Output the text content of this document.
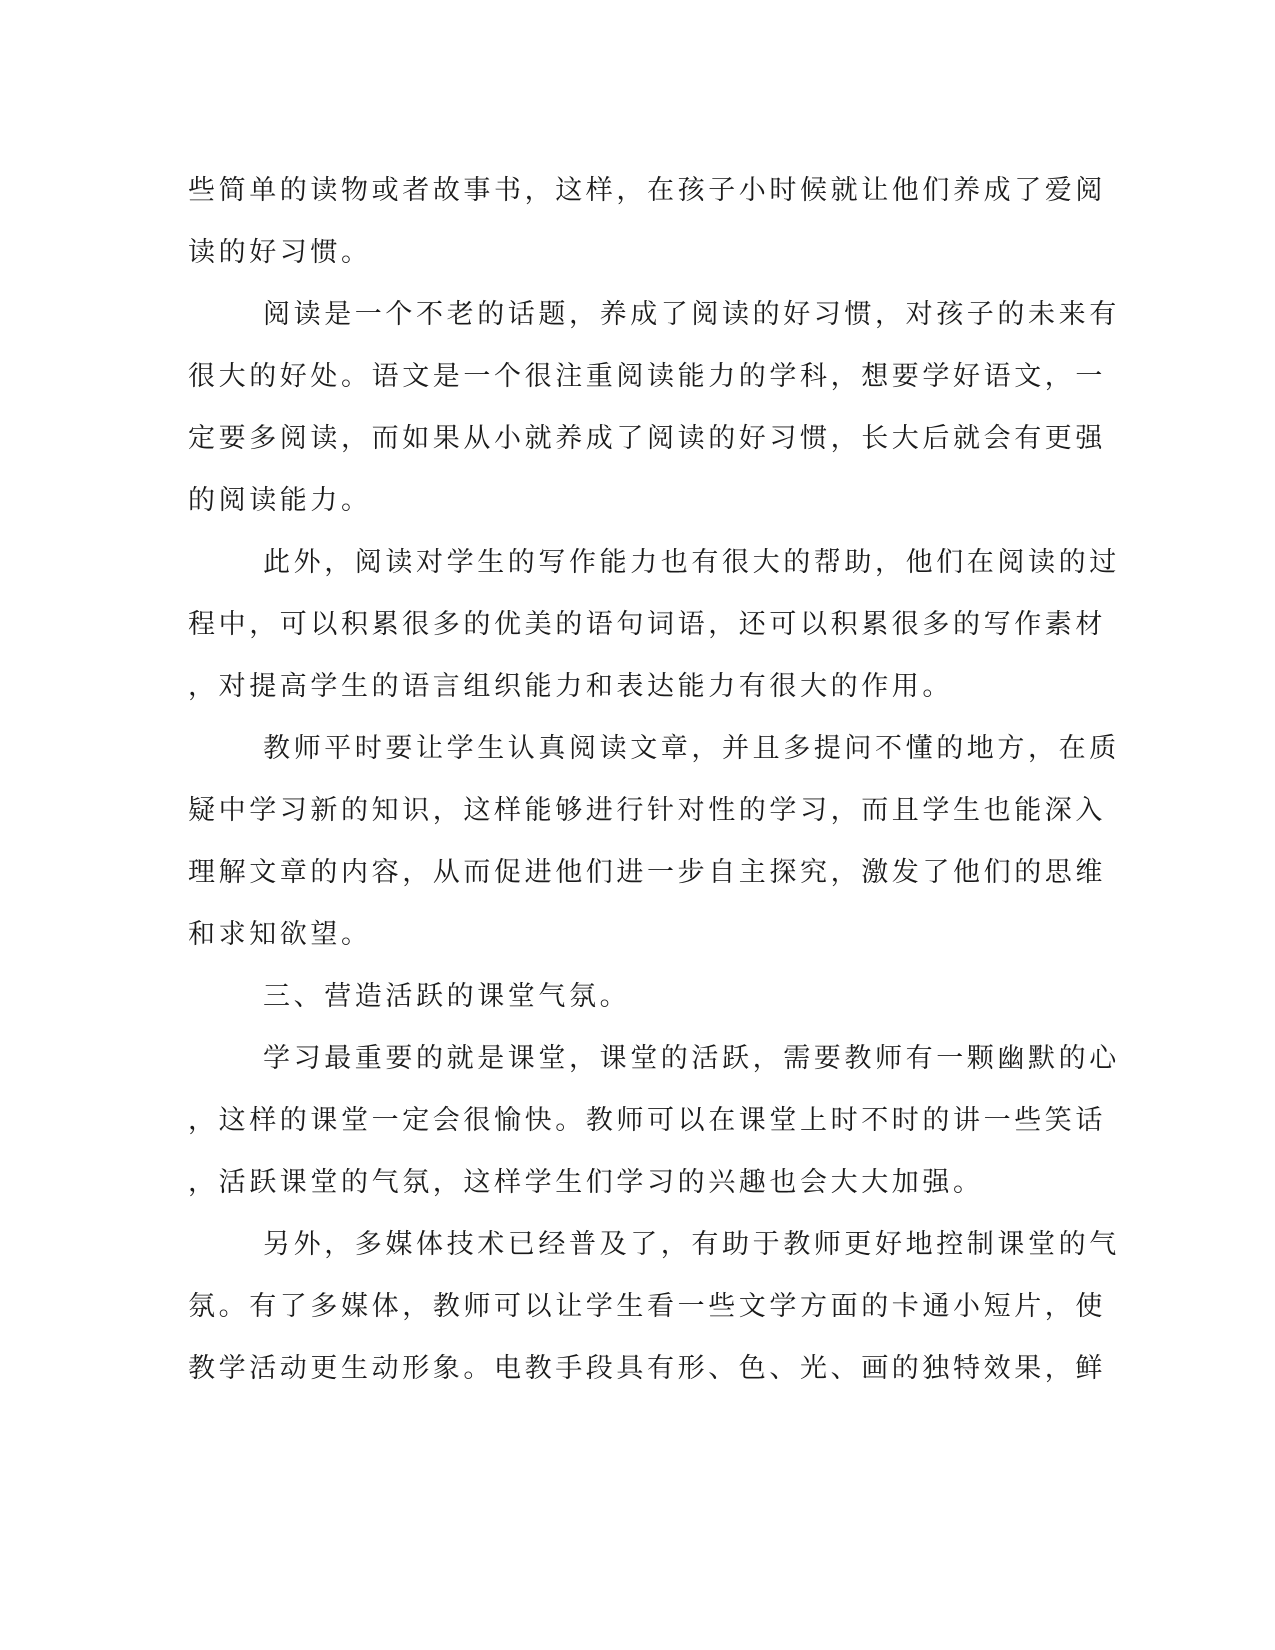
些简单的读物或者故事书，这样，在孩子小时候就让他们养成了爱阅
读的好习惯。
阅读是一个不老的话题，养成了阅读的好习惯，对孩子的未来有
很大的好处。语文是一个很注重阅读能力的学科，想要学好语文，一
定要多阅读，而如果从小就养成了阅读的好习惯，长大后就会有更强
的阅读能力。
此外，阅读对学生的写作能力也有很大的帮助，他们在阅读的过
程中，可以积累很多的优美的语句词语，还可以积累很多的写作素材
，对提高学生的语言组织能力和表达能力有很大的作用。
教师平时要让学生认真阅读文章，并且多提问不懂的地方，在质
疑中学习新的知识，这样能够进行针对性的学习，而且学生也能深入
理解文章的内容，从而促进他们进一步自主探究，激发了他们的思维
和求知欲望。
三、营造活跃的课堂气氛。
学习最重要的就是课堂，课堂的活跃，需要教师有一颗幽默的心
，这样的课堂一定会很愉快。教师可以在课堂上时不时的讲一些笑话
，活跃课堂的气氛，这样学生们学习的兴趣也会大大加强。
另外，多媒体技术已经普及了，有助于教师更好地控制课堂的气
氛。有了多媒体，教师可以让学生看一些文学方面的卡通小短片，使
教学活动更生动形象。电教手段具有形、色、光、画的独特效果，鲜
